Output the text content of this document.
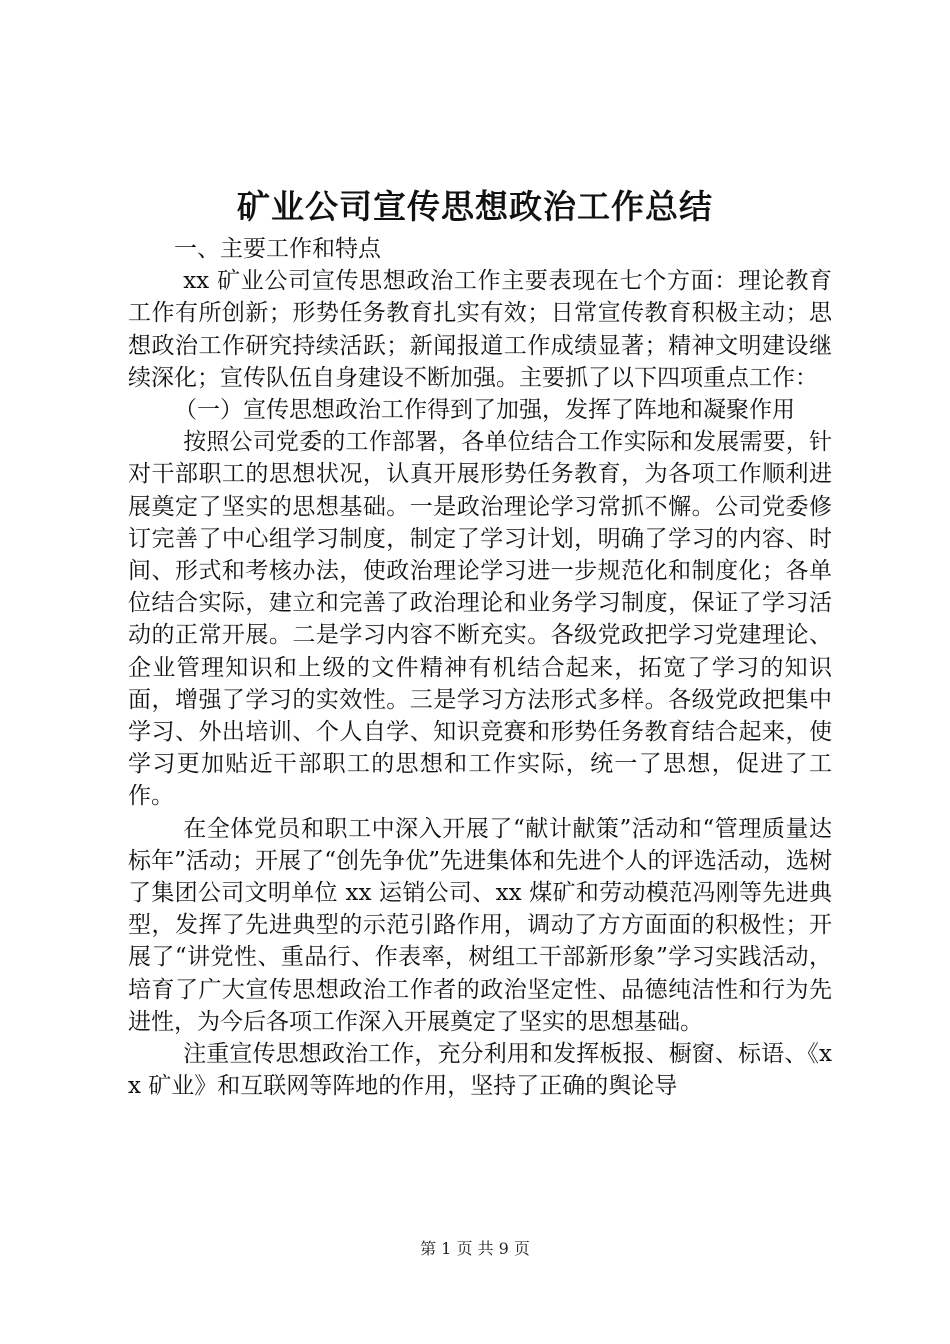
矿业公司宣传思想政治工作总结

一、主要工作和特点

xx 矿业公司宣传思想政治工作主要表现在七个方面：理论教育工作有所创新；形势任务教育扎实有效；日常宣传教育积极主动；思想政治工作研究持续活跃；新闻报道工作成绩显著；精神文明建设继续深化；宣传队伍自身建设不断加强。主要抓了以下四项重点工作：

（一）宣传思想政治工作得到了加强，发挥了阵地和凝聚作用

按照公司党委的工作部署，各单位结合工作实际和发展需要，针对干部职工的思想状况，认真开展形势任务教育，为各项工作顺利进展奠定了坚实的思想基础。一是政治理论学习常抓不懈。公司党委修订完善了中心组学习制度，制定了学习计划，明确了学习的内容、时间、形式和考核办法，使政治理论学习进一步规范化和制度化；各单位结合实际，建立和完善了政治理论和业务学习制度，保证了学习活动的正常开展。二是学习内容不断充实。各级党政把学习党建理论、企业管理知识和上级的文件精神有机结合起来，拓宽了学习的知识面，增强了学习的实效性。三是学习方法形式多样。各级党政把集中学习、外出培训、个人自学、知识竞赛和形势任务教育结合起来，使学习更加贴近干部职工的思想和工作实际，统一了思想，促进了工作。

在全体党员和职工中深入开展了“献计献策”活动和“管理质量达标年”活动；开展了“创先争优”先进集体和先进个人的评选活动，选树了集团公司文明单位 xx 运销公司、xx 煤矿和劳动模范冯刚等先进典型，发挥了先进典型的示范引路作用，调动了方方面面的积极性；开展了“讲党性、重品行、作表率，树组工干部新形象”学习实践活动，培育了广大宣传思想政治工作者的政治坚定性、品德纯洁性和行为先进性，为今后各项工作深入开展奠定了坚实的思想基础。

注重宣传思想政治工作，充分利用和发挥板报、橱窗、标语、《xx 矿业》和互联网等阵地的作用，坚持了正确的舆论导

第 1 页 共 9 页
